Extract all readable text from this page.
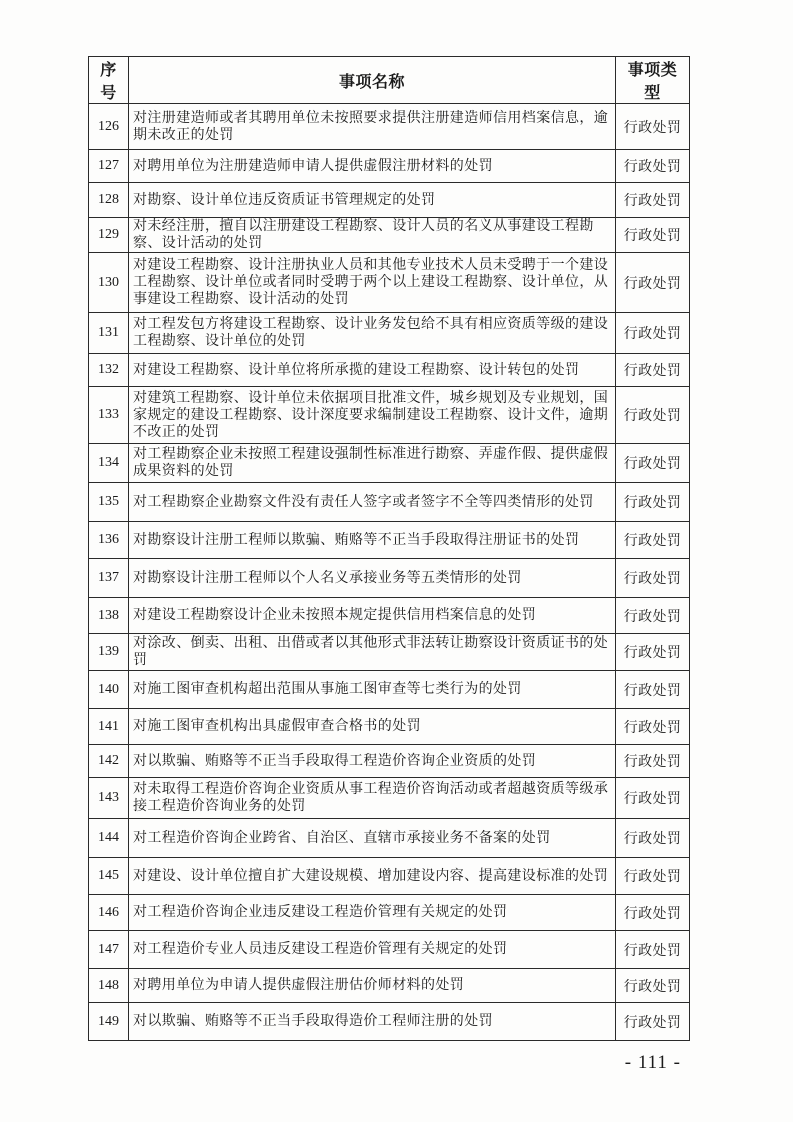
序号	事项名称	事项类型
126	对注册建造师或者其聘用单位未按照要求提供注册建造师信用档案信息，逾期未改正的处罚	行政处罚
127	对聘用单位为注册建造师申请人提供虚假注册材料的处罚	行政处罚
128	对勘察、设计单位违反资质证书管理规定的处罚	行政处罚
129	对未经注册，擅自以注册建设工程勘察、设计人员的名义从事建设工程勘察、设计活动的处罚	行政处罚
130	对建设工程勘察、设计注册执业人员和其他专业技术人员未受聘于一个建设工程勘察、设计单位或者同时受聘于两个以上建设工程勘察、设计单位，从事建设工程勘察、设计活动的处罚	行政处罚
131	对工程发包方将建设工程勘察、设计业务发包给不具有相应资质等级的建设工程勘察、设计单位的处罚	行政处罚
132	对建设工程勘察、设计单位将所承揽的建设工程勘察、设计转包的处罚	行政处罚
133	对建筑工程勘察、设计单位未依据项目批准文件，城乡规划及专业规划，国家规定的建设工程勘察、设计深度要求编制建设工程勘察、设计文件，逾期不改正的处罚	行政处罚
134	对工程勘察企业未按照工程建设强制性标准进行勘察、弄虚作假、提供虚假成果资料的处罚	行政处罚
135	对工程勘察企业勘察文件没有责任人签字或者签字不全等四类情形的处罚	行政处罚
136	对勘察设计注册工程师以欺骗、贿赂等不正当手段取得注册证书的处罚	行政处罚
137	对勘察设计注册工程师以个人名义承接业务等五类情形的处罚	行政处罚
138	对建设工程勘察设计企业未按照本规定提供信用档案信息的处罚	行政处罚
139	对涂改、倒卖、出租、出借或者以其他形式非法转让勘察设计资质证书的处罚	行政处罚
140	对施工图审查机构超出范围从事施工图审查等七类行为的处罚	行政处罚
141	对施工图审查机构出具虚假审查合格书的处罚	行政处罚
142	对以欺骗、贿赂等不正当手段取得工程造价咨询企业资质的处罚	行政处罚
143	对未取得工程造价咨询企业资质从事工程造价咨询活动或者超越资质等级承接工程造价咨询业务的处罚	行政处罚
144	对工程造价咨询企业跨省、自治区、直辖市承接业务不备案的处罚	行政处罚
145	对建设、设计单位擅自扩大建设规模、增加建设内容、提高建设标准的处罚	行政处罚
146	对工程造价咨询企业违反建设工程造价管理有关规定的处罚	行政处罚
147	对工程造价专业人员违反建设工程造价管理有关规定的处罚	行政处罚
148	对聘用单位为申请人提供虚假注册估价师材料的处罚	行政处罚
149	对以欺骗、贿赂等不正当手段取得造价工程师注册的处罚	行政处罚
- 111 -
